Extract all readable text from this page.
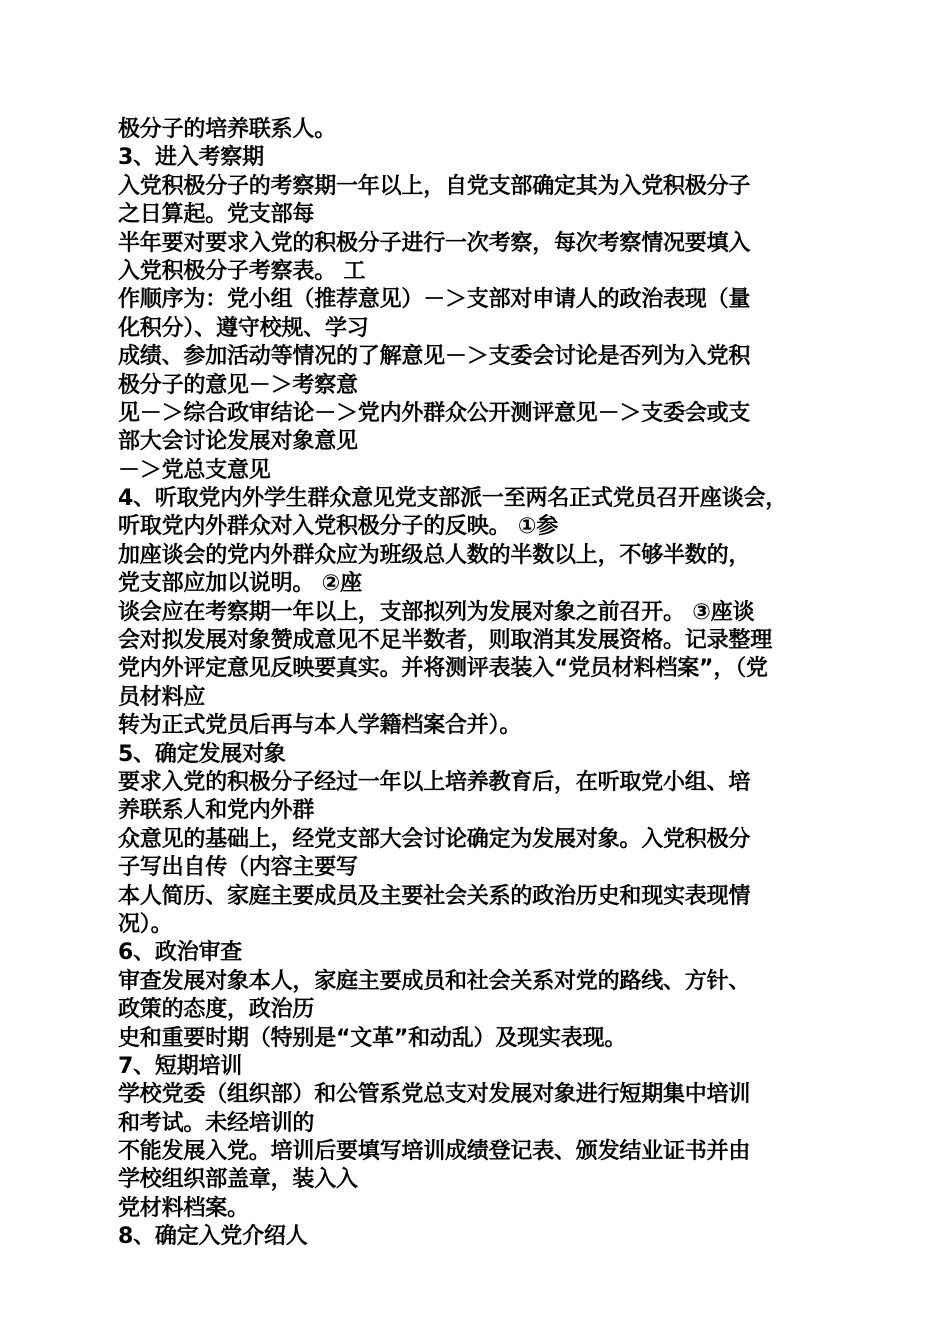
极分子的培养联系人。
3、进入考察期
入党积极分子的考察期一年以上，自党支部确定其为入党积极分子
之日算起。党支部每
半年要对要求入党的积极分子进行一次考察，每次考察情况要填入
入党积极分子考察表。 工
作顺序为：党小组（推荐意见）－＞支部对申请人的政治表现（量
化积分）、遵守校规、学习
成绩、参加活动等情况的了解意见－＞支委会讨论是否列为入党积
极分子的意见－＞考察意
见－＞综合政审结论－＞党内外群众公开测评意见－＞支委会或支
部大会讨论发展对象意见
－＞党总支意见
4、听取党内外学生群众意见党支部派一至两名正式党员召开座谈会，
听取党内外群众对入党积极分子的反映。 ①参
加座谈会的党内外群众应为班级总人数的半数以上，不够半数的，
党支部应加以说明。 ②座
谈会应在考察期一年以上，支部拟列为发展对象之前召开。 ③座谈
会对拟发展对象赞成意见不足半数者，则取消其发展资格。记录整理
党内外评定意见反映要真实。并将测评表装入“党员材料档案”，（党
员材料应
转为正式党员后再与本人学籍档案合并）。
5、确定发展对象
要求入党的积极分子经过一年以上培养教育后，在听取党小组、培
养联系人和党内外群
众意见的基础上，经党支部大会讨论确定为发展对象。入党积极分
子写出自传（内容主要写
本人简历、家庭主要成员及主要社会关系的政治历史和现实表现情
况）。
6、政治审查
审查发展对象本人，家庭主要成员和社会关系对党的路线、方针、
政策的态度，政治历
史和重要时期（特别是“文革”和动乱）及现实表现。
7、短期培训
学校党委（组织部）和公管系党总支对发展对象进行短期集中培训
和考试。未经培训的
不能发展入党。培训后要填写培训成绩登记表、颁发结业证书并由
学校组织部盖章，装入入
党材料档案。
8、确定入党介绍人
